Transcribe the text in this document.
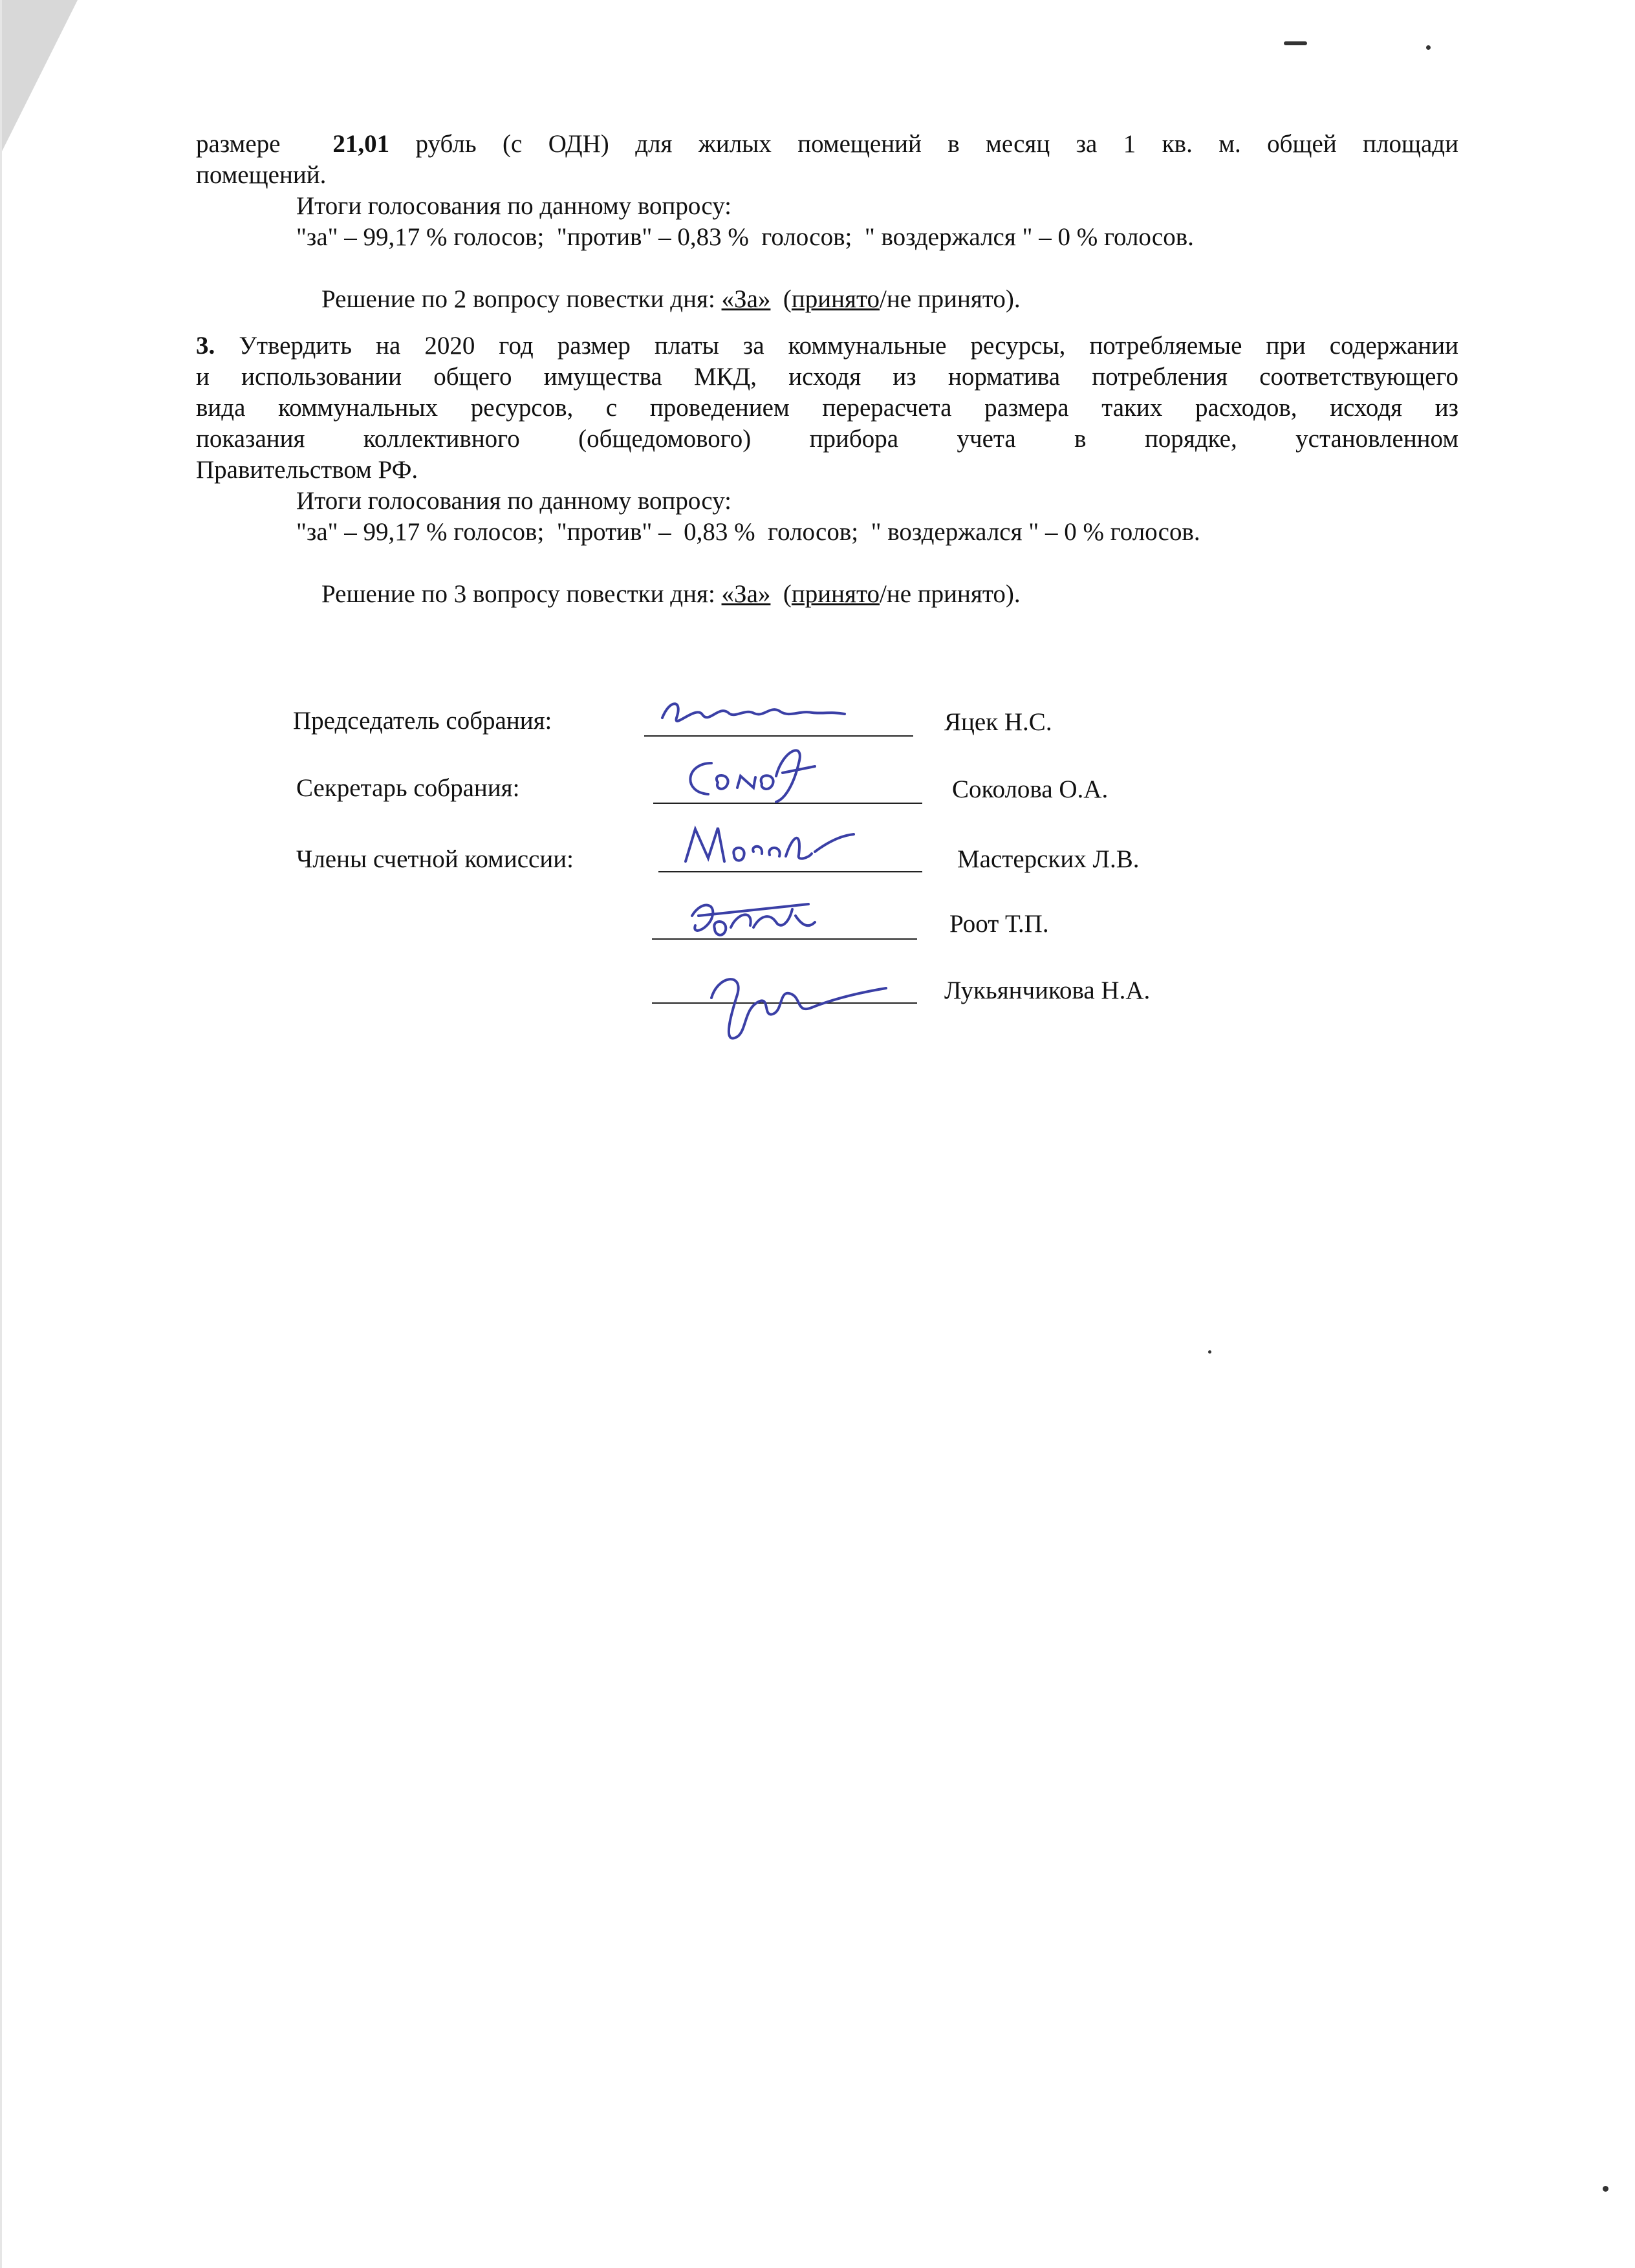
размере 21,01 рубль (с ОДН) для жилых помещений в месяц за 1 кв. м. общей площади
помещений.
Итоги голосования по данному вопросу:
"за" – 99,17 % голосов;  "против" – 0,83 %  голосов;  " воздержался " – 0 % голосов.

Решение по 2 вопросу повестки дня: «За»  (принято/не принято).

3. Утвердить на 2020 год размер платы за коммунальные ресурсы, потребляемые при содержании
и использовании общего имущества МКД, исходя из норматива потребления соответствующего
вида коммунальных ресурсов, с проведением перерасчета размера таких расходов, исходя из
показания коллективного (общедомового) прибора учета в порядке, установленном
Правительством РФ.
Итоги голосования по данному вопросу:
"за" – 99,17 % голосов;  "против" –  0,83 %  голосов;  " воздержался " – 0 % голосов.

Решение по 3 вопросу повестки дня: «За»  (принято/не принято).

Председатель собрания:	Яцек Н.С.
Секретарь собрания:	Соколова О.А.
Члены счетной комиссии:	Мастерских Л.В.
Роот Т.П.
Лукьянчикова Н.А.
